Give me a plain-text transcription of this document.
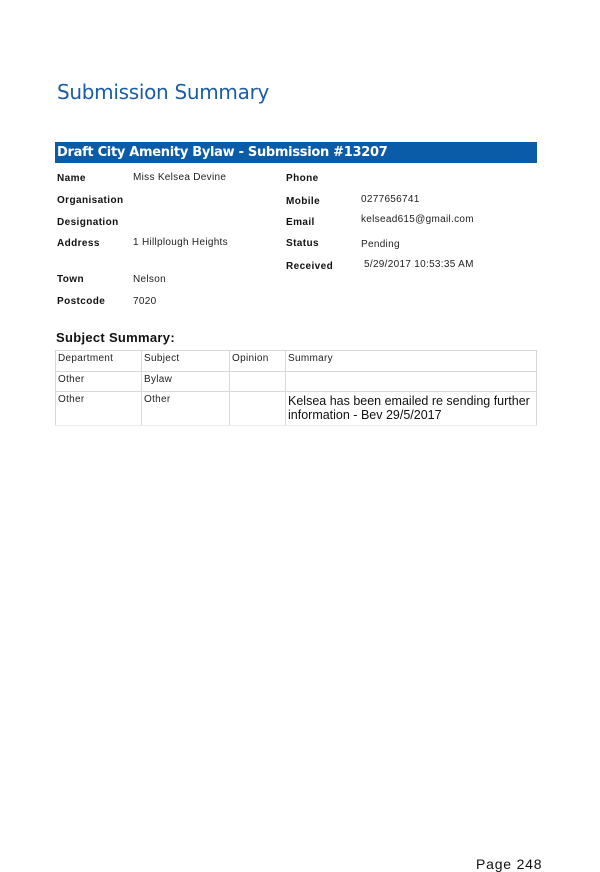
Submission Summary
Draft City Amenity Bylaw - Submission #13207
Name	Miss Kelsea Devine
Organisation
Designation
Address	1 Hillplough Heights
Town	Nelson
Postcode	7020
Phone
Mobile	0277656741
Email	kelsead615@gmail.com
Status	Pending
Received	5/29/2017 10:53:35 AM
Subject Summary:
Department	Subject	Opinion	Summary
Other	Bylaw		
Other	Other		Kelsea has been emailed re sending further information - Bev 29/5/2017
Page 248
